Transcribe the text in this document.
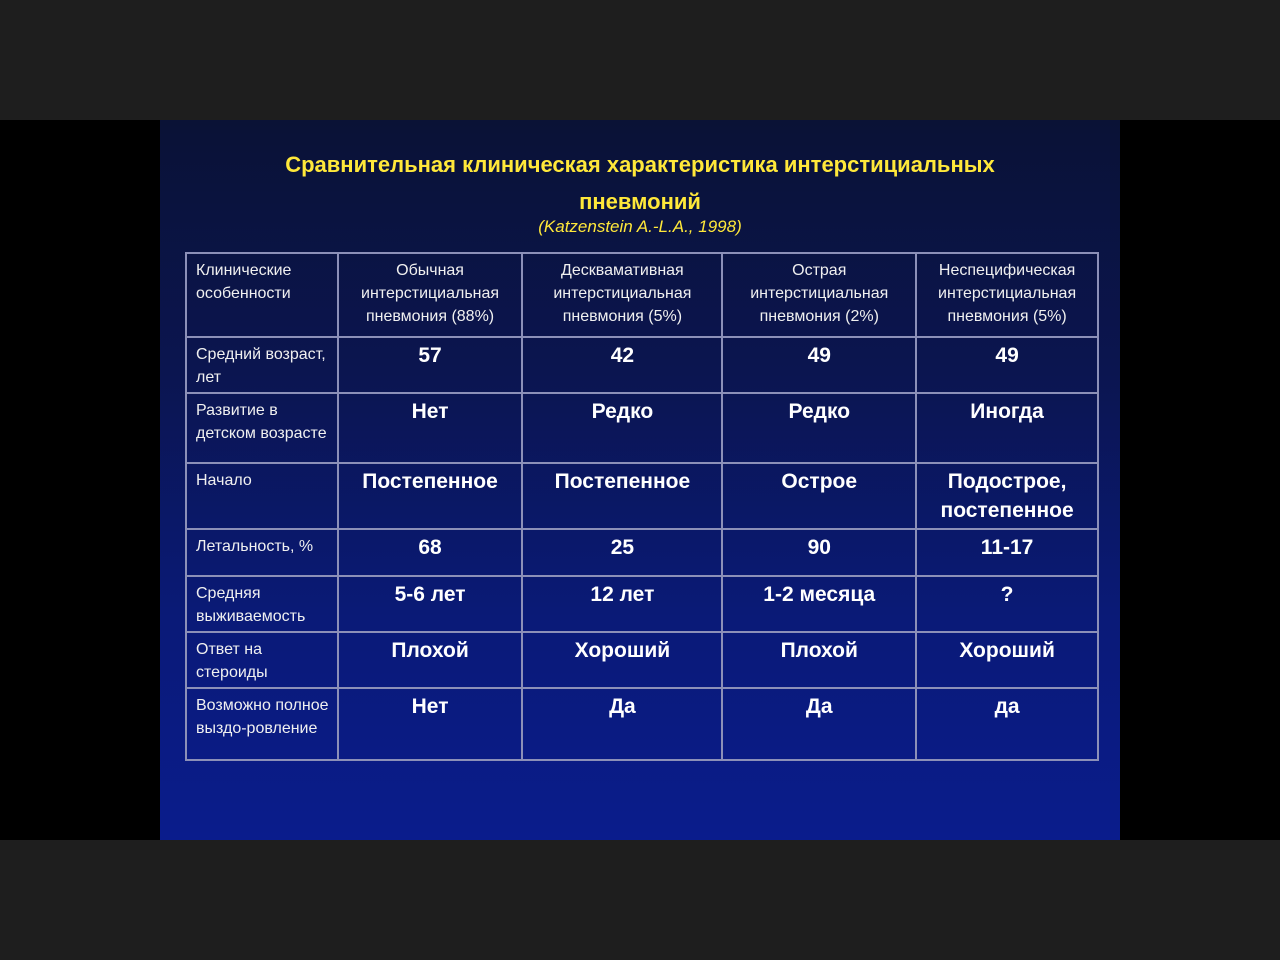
Сравнительная клиническая характеристика интерстициальных
пневмоний
(Katzenstein A.-L.A., 1998)
Клинические особенности	Обычная интерстициальная пневмония (88%)	Десквамативная интерстициальная пневмония (5%)	Острая интерстициальная пневмония (2%)	Неспецифическая интерстициальная пневмония (5%)
Средний возраст, лет	57	42	49	49
Развитие в детском возрасте	Нет	Редко	Редко	Иногда
Начало	Постепенное	Постепенное	Острое	Подострое, постепенное
Летальность, %	68	25	90	11-17
Средняя выживаемость	5-6 лет	12 лет	1-2 месяца	?
Ответ на стероиды	Плохой	Хороший	Плохой	Хороший
Возможно полное выздо-ровление	Нет	Да	Да	да
